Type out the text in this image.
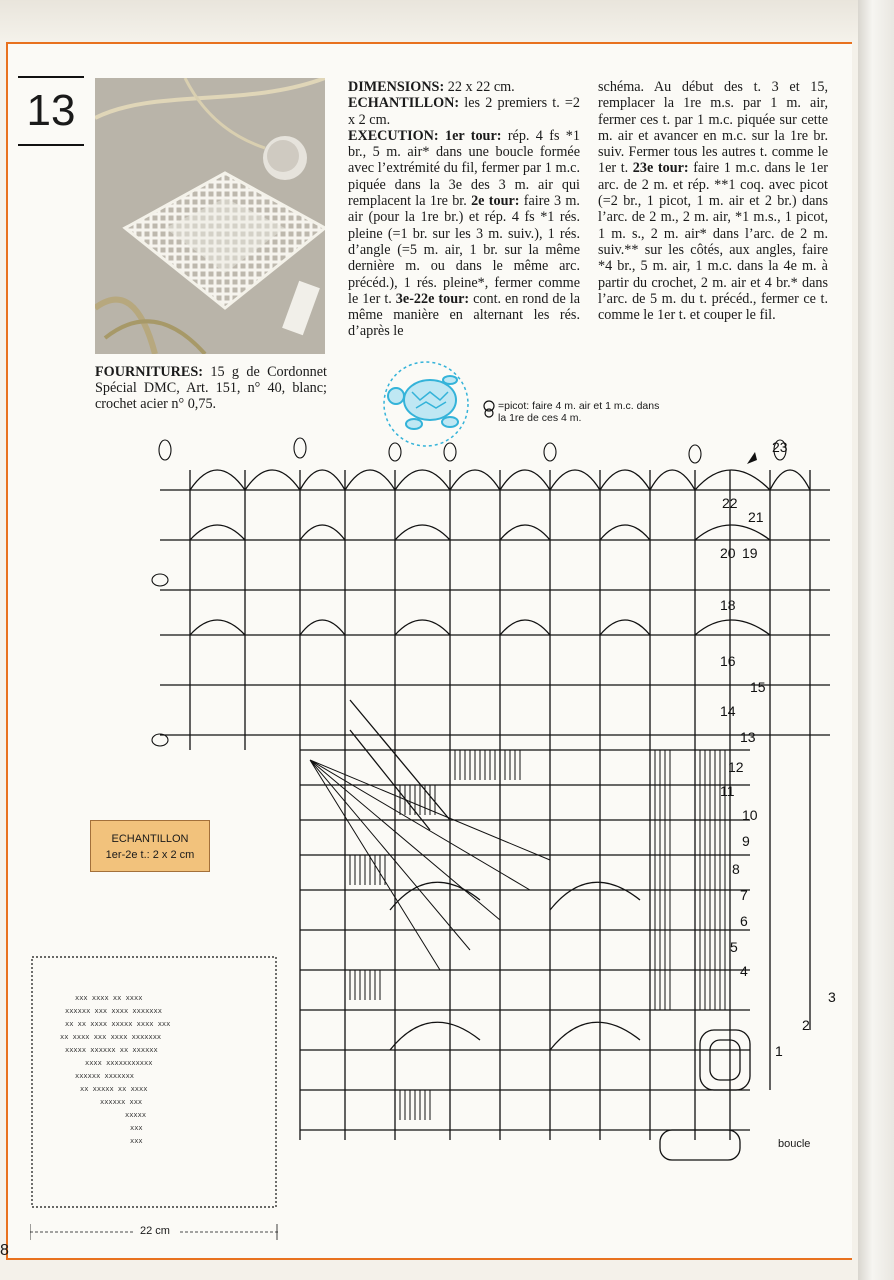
13	DIMENSIONS: 22 x 22 cm.

ECHANTILLON: les 2 premiers t. =2 x 2 cm.

EXECUTION: 1er tour: rép. 4 fs *1 br., 5 m. air* dans une boucle formée avec l’extrémité du fil, fermer par 1 m.c. piquée dans la 3e des 3 m. air qui remplacent la 1re br. 2e tour: faire 3 m. air (pour la 1re br.) et rép. 4 fs *1 rés. pleine (=1 br. sur les 3 m. suiv.), 1 rés. d’angle (=5 m. air, 1 br. sur la même dernière m. ou dans le même arc. précéd.), 1 rés. pleine*, fermer comme le 1er t. 3e-22e tour: cont. en rond de la même manière en alternant les rés. d’après le

schéma. Au début des t. 3 et 15, remplacer la 1re m.s. par 1 m. air, fermer ces t. par 1 m.c. piquée sur cette m. air et avancer en m.c. sur la 1re br. suiv. Fermer tous les autres t. comme le 1er t. 23e tour: faire 1 m.c. dans le 1er arc. de 2 m. et rép. **1 coq. avec picot (=2 br., 1 picot, 1 m. air et 2 br.) dans l’arc. de 2 m., 2 m. air, *1 m.s., 1 picot, 1 m. s., 2 m. air* dans l’arc. de 2 m. suiv.** sur les côtés, aux angles, faire *4 br., 5 m. air, 1 m.c. dans la 4e m. à partir du crochet, 2 m. air et 4 br.* dans l’arc. de 5 m. du t. précéd., fermer ce t. comme le 1er t. et couper le fil.

FOURNITURES: 15 g de Cordonnet Spécial DMC, Art. 151, n° 40, blanc; crochet acier n° 0,75.	=picot: faire 4 m. air et 1 m.c. dans
la 1re de ces 4 m.
23
22
21
20 19
18
16
15
14
13
12
11
10
9
8
7
6
5
4
3
2
1
boucle
ECHANTILLON
1er-2e t.: 2 x 2 cm
xxx xxxx xx xxxx
xxxxxx xxx xxxx xxxxxxx
xx xx xxxx xxxxx xxxx xxx
xx xxxx xxx xxxx xxxxxxx
xxxxx xxxxxx xx xxxxxx
xxxx xxxxxxxxxxx
xxxxxx xxxxxxx
xx xxxxx xx xxxx
xxxxxx xxx
xxxxx
xxx
xxx
22 cm
8
